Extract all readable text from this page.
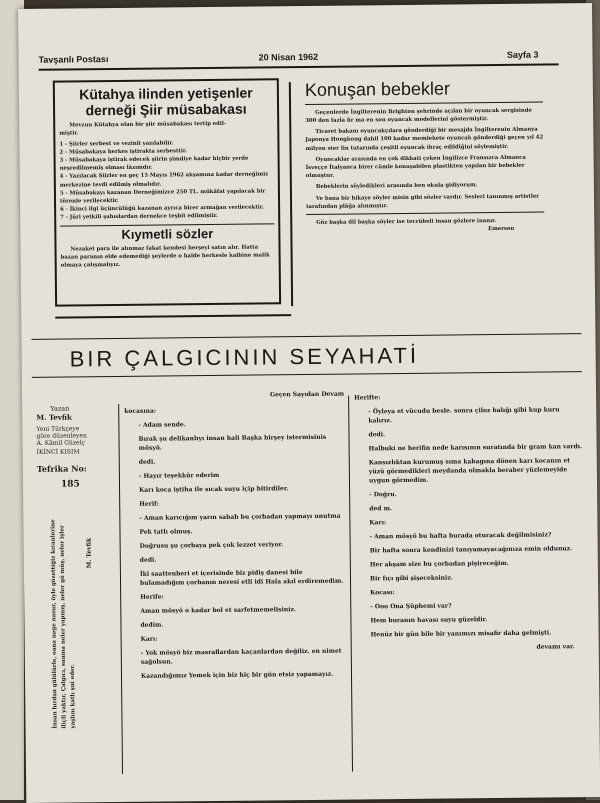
Tavşanlı Postası	20 Nisan 1962	Sayfa 3
Kütahya ilinden yetişenler derneği Şiir müsabakası
Mevzuu Kütahya olan bir şiir müsabakası tertip edil-
miştir.
1 - Şiirler serbest ve vezinli yazılabilir.
2 - Müsabakaya herkes iştirakta serbesttir.
3 - Müsabakaya iştirak edecek şiirin şimdiye kadar hiçbir yerde neşredilmemiş olması lâzımdır.
4 - Yazılacak Şiirler en geç 15 Mayıs 1962 akşamına kadar derneğimiz merkezine tevdi edilmiş olmalıdır.
5 - Müsabakayı kazanan Derneğimizce 250 TL. mükâfat yapılacak bir törenle verilecektir.
6 - İkinci ilgi üçüncülüğü kazanan ayrıca birer armağan verilecektir.
7 - Jüri yetkili şahıslardan dernekce teşbit edilmiştir.
Kıymetli sözler
Nezaket para ile alınmaz fakat kendesi herşeyi satın alır. Hatta bazan paranın elde edemediği şeylerde o halde herkesle kalbine malik olmaya çalışmalıyız.
Konuşan bebekler
Geçenlerde İngilterenin Brighton şehrinde açılan bir oyuncak sergisinde 300 den fazla fir ma en son oyuncak modellerini göstermiştir.
Ticaret bakanı oyuncakçılara gönderdiği bir mesajda İngilterenin Almanya Japonya Hongkong dahil 100 kadar memlekete oyuncak gönderdiği geçen yıl 42 milyon ster lin tutarında çeşitli oyuncak ihraç edildiğini söylemiştir.
Oyuncaklar arasında en çok dikkati çeken İngilizce Fransızca Almanca İsveççe İtalyanca birer cümle konuşabilen plastikten yapılan bir bebekler olmuştur.
Bebeklerin söyledikleri arasında ben okula gidiyorum.
Ve bana bir hikaye söyler misin gibi sözler vardır. Sesleri tanınmış artistler tarafından plâğa alınmıştır.
Göz başka dil başka söyler ise tecrübeli insan gözlere inanır.
Emerson
BIR ÇALGICININ SEYAHATİ
Yazan
M. Tevfik
Yeni Türkçeye
göre düzenleyen
A. Kâmil Güzelç
İKİNCİ KISIM
Tefrika No:
185
M. Tevfik
İnsan hırdan gülülürle, oana nege nasur, öyle gözettiğiz kıranlerine iliçli yaktır, Çalgıcı, sanma neler yapmış, neler gö müş, neler işler yaşlını katlı şni eder.
Geçen Sayıdan Devam

kocasına:

- Adam sende.

Bırak şu delikanlıyı insan hali Başka birşey istermisinis mösyö.

dedi.

- Hayır teşekkür ederim

Karı koca iştiha ile sıcak suyu içip bitirdiler.

Herif:

- Aman karıcığım yarın sabah bu çorbadan yapmayı unutma

Pek tatlı olmuş.

Doğrusu şu çorbaya pek çok lezzet veriyor.

dedi.

İki saattenberi et içerisinde biz pidiş danesi bile bulamadığım çorbanın neresi etli idi Hala akıl erdiremedim.

Herife:

Aman mösyö o kadar bol et sarfetmemelisiniz.

dedim.

Karı:

- Yok mösyö biz masraflardan kaçanlardan değiliz. en nimet sağolsun.

Kazandığımız Yemek için biz hiç bir gün etsiz yapamayız.

Herifte:

- Öyleya et vücudu besle. sonra çiloz balığı gibi kup kuru kalırız.

dedi.

Halbuki ne herifin nede karısının suratında bir gram kan vardı.

Kansızlıktan kurumuş sıma kabagına dönen karı kocanın et yüzü görmedikleri meydanda olmakla beraber yüzlemeyide uygun görmedim.

- Doğru.

ded m.

Karı:

- Aman mösyö bu hafta burada oturacak değilmisiniz?

Bir hafta sonra kendinizi tanıyamayacağınıza emin oldunuz.

Her akşam size bu çorbadan pişireceğim.

Bir fıçı gibi şişeceksiniz.

Kocası:

- Ooo Ona Şüphemi var?

Hem buranın havası suyu güzeldir.

Henüz bir gün bile bir yanımızı misafir daha gelmişti.

devamı var.
